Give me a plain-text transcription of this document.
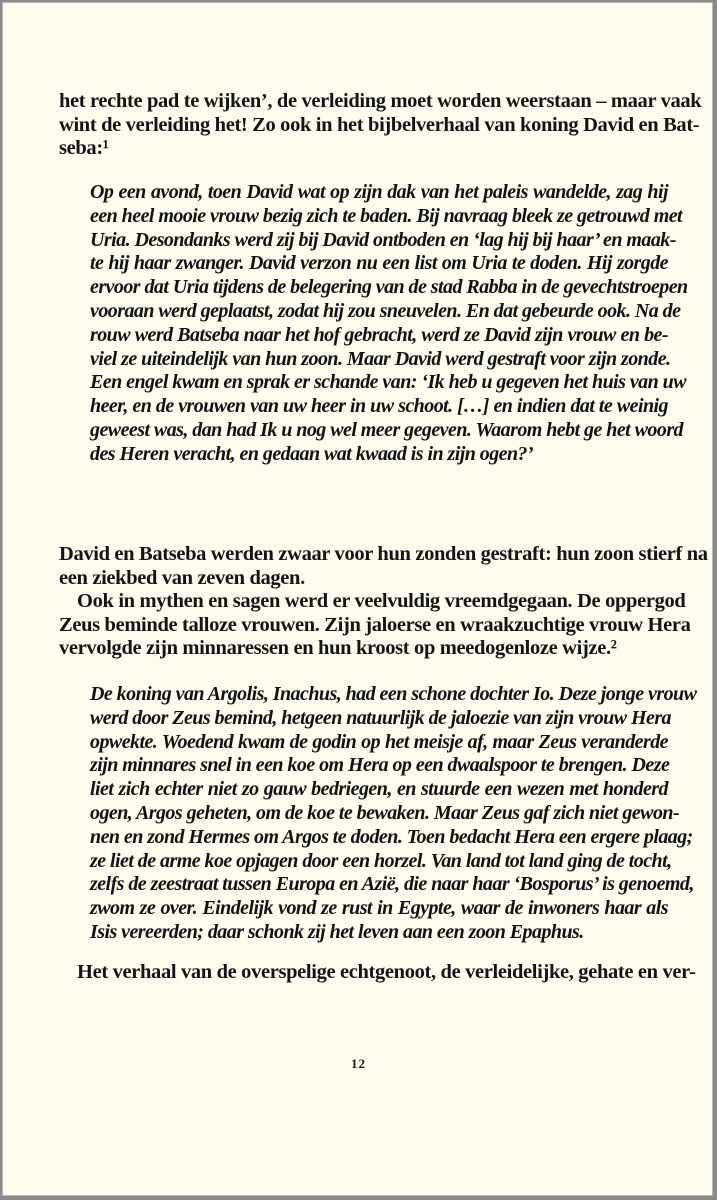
het rechte pad te wijken’, de verleiding moet worden weerstaan – maar vaak
wint de verleiding het! Zo ook in het bijbelverhaal van koning David en Bat-
seba:¹
Op een avond, toen David wat op zijn dak van het paleis wandelde, zag hij
een heel mooie vrouw bezig zich te baden. Bij navraag bleek ze getrouwd met
Uria. Desondanks werd zij bij David ontboden en ‘lag hij bij haar’ en maak-
te hij haar zwanger. David verzon nu een list om Uria te doden. Hij zorgde
ervoor dat Uria tijdens de belegering van de stad Rabba in de gevechtstroepen
vooraan werd geplaatst, zodat hij zou sneuvelen. En dat gebeurde ook. Na de
rouw werd Batseba naar het hof gebracht, werd ze David zijn vrouw en be-
viel ze uiteindelijk van hun zoon. Maar David werd gestraft voor zijn zonde.
Een engel kwam en sprak er schande van: ‘Ik heb u gegeven het huis van uw
heer, en de vrouwen van uw heer in uw schoot. […] en indien dat te weinig
geweest was, dan had Ik u nog wel meer gegeven. Waarom hebt ge het woord
des Heren veracht, en gedaan wat kwaad is in zijn ogen?’
David en Batseba werden zwaar voor hun zonden gestraft: hun zoon stierf na
een ziekbed van zeven dagen.
Ook in mythen en sagen werd er veelvuldig vreemdgegaan. De oppergod
Zeus beminde talloze vrouwen. Zijn jaloerse en wraakzuchtige vrouw Hera
vervolgde zijn minnaressen en hun kroost op meedogenloze wijze.²
De koning van Argolis, Inachus, had een schone dochter Io. Deze jonge vrouw
werd door Zeus bemind, hetgeen natuurlijk de jaloezie van zijn vrouw Hera
opwekte. Woedend kwam de godin op het meisje af, maar Zeus veranderde
zijn minnares snel in een koe om Hera op een dwaalspoor te brengen. Deze
liet zich echter niet zo gauw bedriegen, en stuurde een wezen met honderd
ogen, Argos geheten, om de koe te bewaken. Maar Zeus gaf zich niet gewon-
nen en zond Hermes om Argos te doden. Toen bedacht Hera een ergere plaag;
ze liet de arme koe opjagen door een horzel. Van land tot land ging de tocht,
zelfs de zeestraat tussen Europa en Azië, die naar haar ‘Bosporus’ is genoemd,
zwom ze over. Eindelijk vond ze rust in Egypte, waar de inwoners haar als
Isis vereerden; daar schonk zij het leven aan een zoon Epaphus.
Het verhaal van de overspelige echtgenoot, de verleidelijke, gehate en ver-
12
